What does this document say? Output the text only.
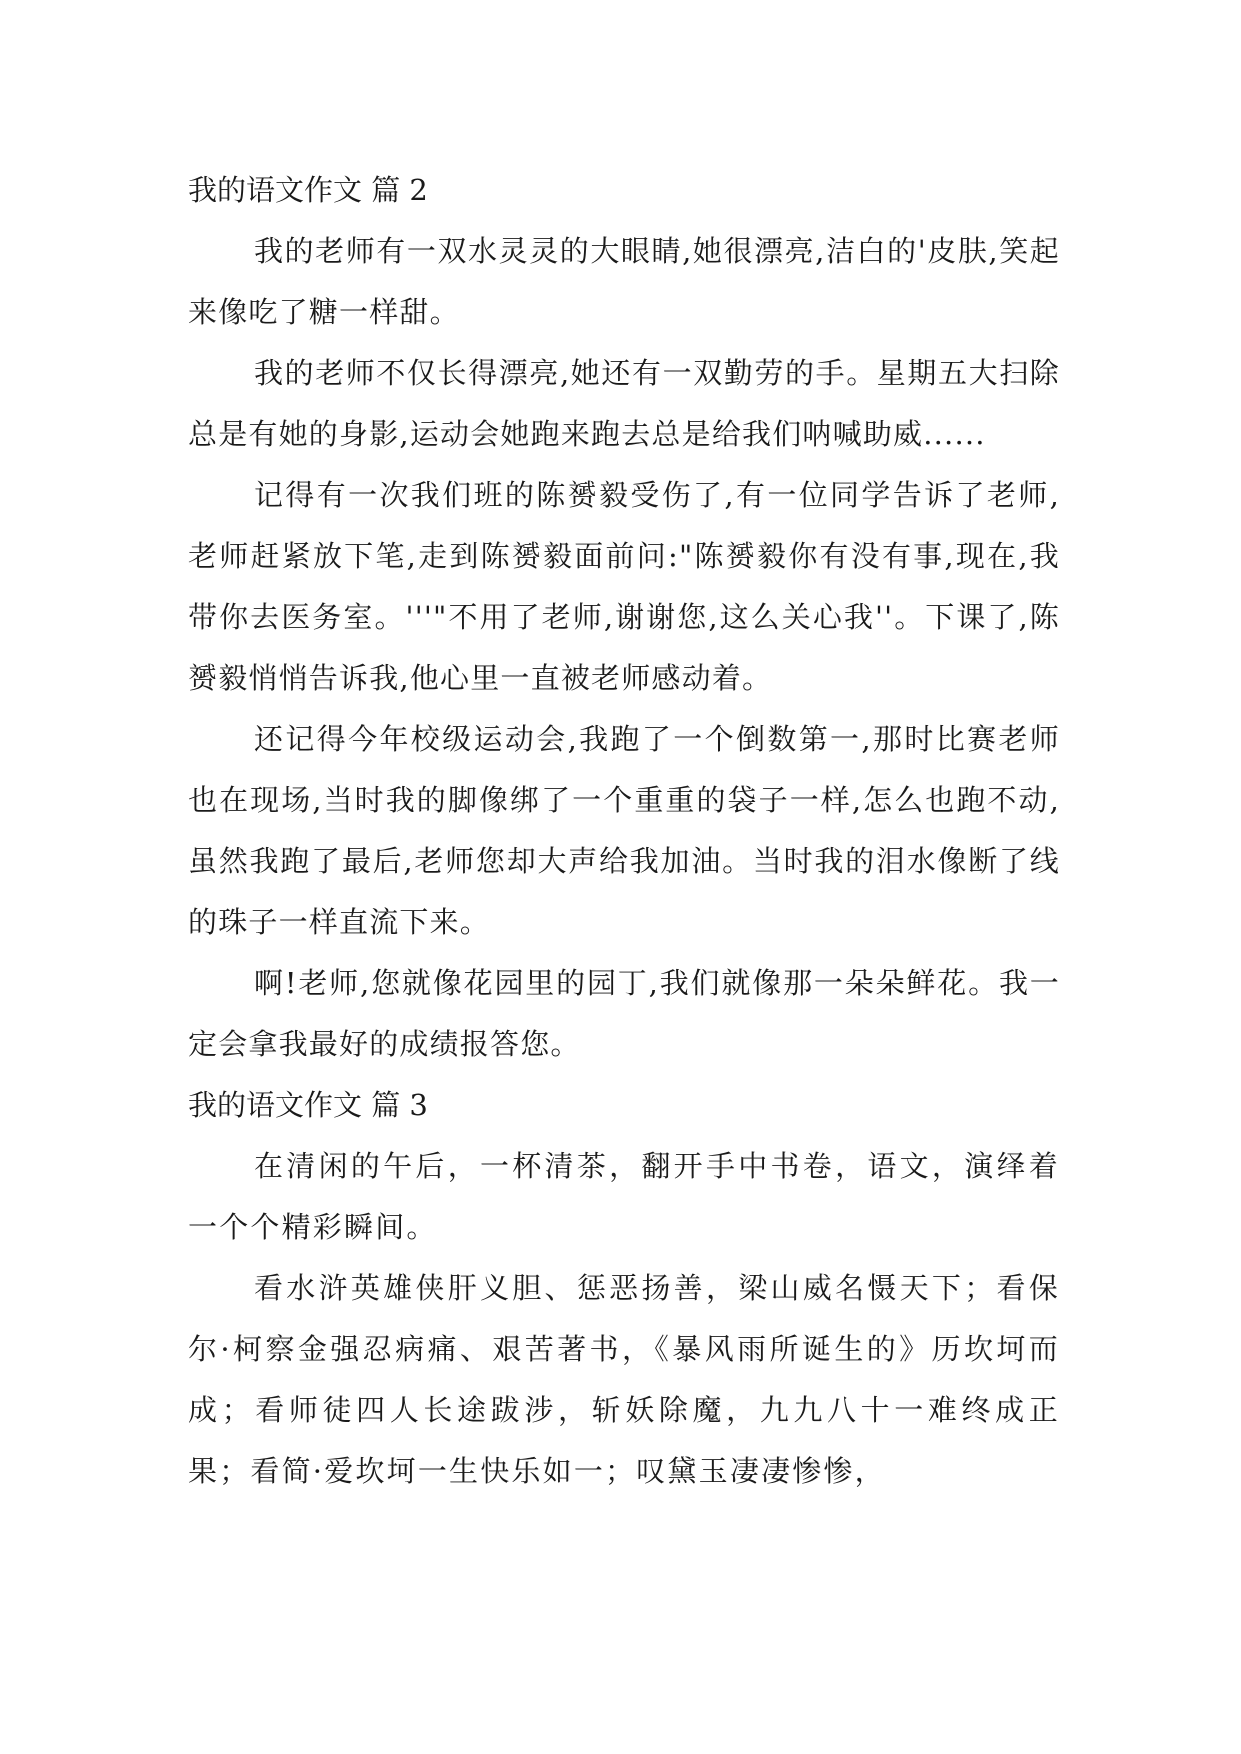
我的语文作文 篇 2

我的老师有一双水灵灵的大眼睛,她很漂亮,洁白的'皮肤,笑起来像吃了糖一样甜。

我的老师不仅长得漂亮,她还有一双勤劳的手。星期五大扫除总是有她的身影,运动会她跑来跑去总是给我们呐喊助威......

记得有一次我们班的陈赟毅受伤了,有一位同学告诉了老师,老师赶紧放下笔,走到陈赟毅面前问:"陈赟毅你有没有事,现在,我带你去医务室。'''"不用了老师,谢谢您,这么关心我''。下课了,陈赟毅悄悄告诉我,他心里一直被老师感动着。

还记得今年校级运动会,我跑了一个倒数第一,那时比赛老师也在现场,当时我的脚像绑了一个重重的袋子一样,怎么也跑不动,虽然我跑了最后,老师您却大声给我加油。当时我的泪水像断了线的珠子一样直流下来。

啊!老师,您就像花园里的园丁,我们就像那一朵朵鲜花。我一定会拿我最好的成绩报答您。

我的语文作文 篇 3

在清闲的午后，一杯清茶，翻开手中书卷，语文，演绎着一个个精彩瞬间。

看水浒英雄侠肝义胆、惩恶扬善，梁山威名慑天下；看保尔·柯察金强忍病痛、艰苦著书，《暴风雨所诞生的》历坎坷而成；看师徒四人长途跋涉，斩妖除魔，九九八十一难终成正果；看简·爱坎坷一生快乐如一；叹黛玉凄凄惨惨，
